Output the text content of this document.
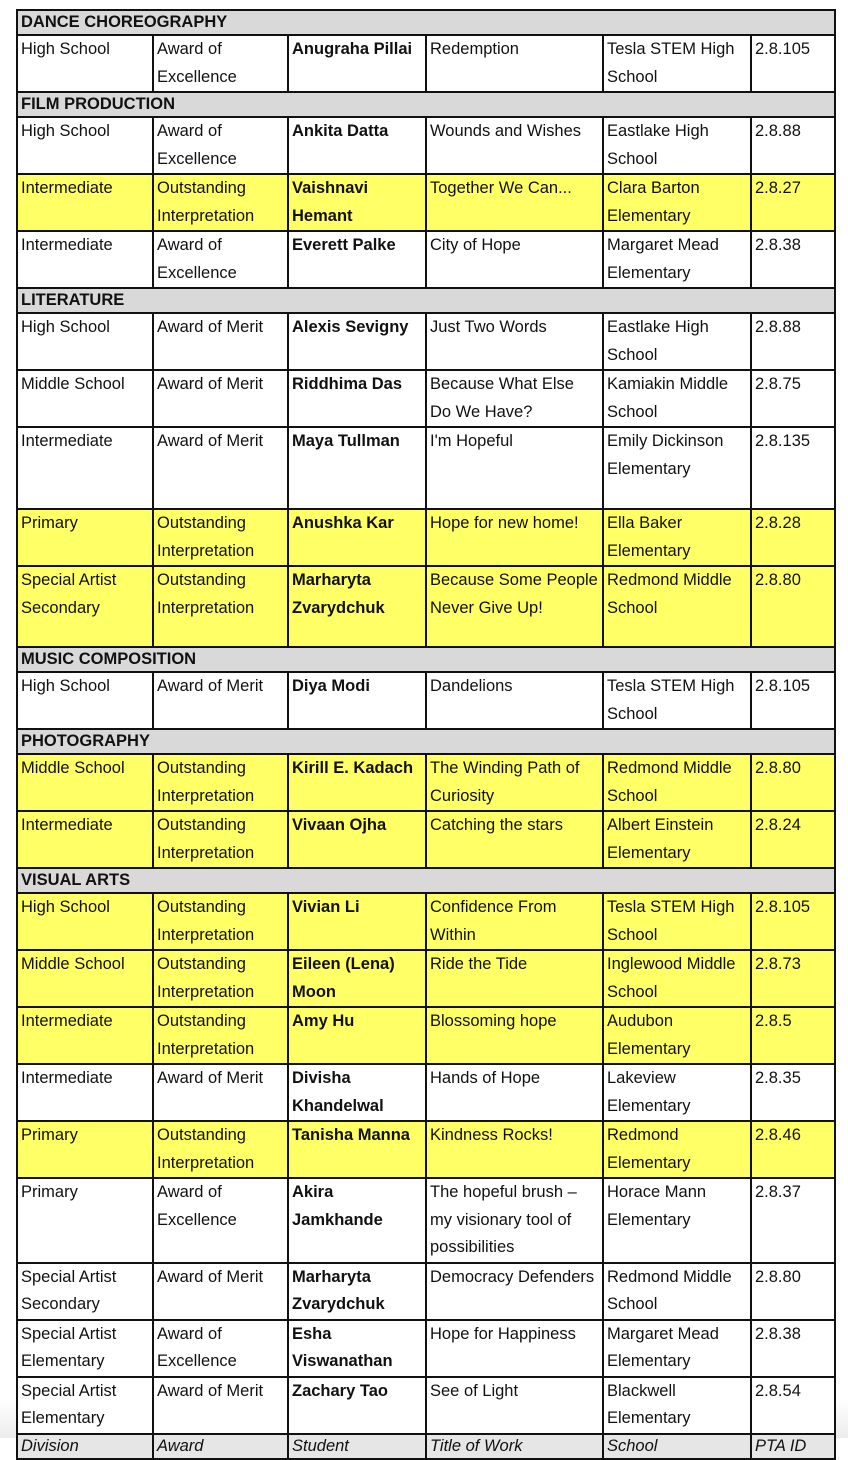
DANCE CHOREOGRAPHY					
High School	Award of Excellence	Anugraha Pillai	Redemption	Tesla STEM High School	2.8.105
FILM PRODUCTION					
High School	Award of Excellence	Ankita Datta	Wounds and Wishes	Eastlake High School	2.8.88
Intermediate	Outstanding Interpretation	Vaishnavi Hemant	Together We Can...	Clara Barton Elementary	2.8.27
Intermediate	Award of Excellence	Everett Palke	City of Hope	Margaret Mead Elementary	2.8.38
LITERATURE					
High School	Award of Merit	Alexis Sevigny	Just Two Words	Eastlake High School	2.8.88
Middle School	Award of Merit	Riddhima Das	Because What Else Do We Have?	Kamiakin Middle School	2.8.75
Intermediate	Award of Merit	Maya Tullman	I'm Hopeful	Emily Dickinson Elementary	2.8.135
Primary	Outstanding Interpretation	Anushka Kar	Hope for new home!	Ella Baker Elementary	2.8.28
Special Artist Secondary	Outstanding Interpretation	Marharyta Zvarydchuk	Because Some People Never Give Up!	Redmond Middle School	2.8.80
MUSIC COMPOSITION					
High School	Award of Merit	Diya Modi	Dandelions	Tesla STEM High School	2.8.105
PHOTOGRAPHY					
Middle School	Outstanding Interpretation	Kirill E. Kadach	The Winding Path of Curiosity	Redmond Middle School	2.8.80
Intermediate	Outstanding Interpretation	Vivaan Ojha	Catching the stars	Albert Einstein Elementary	2.8.24
VISUAL ARTS					
High School	Outstanding Interpretation	Vivian Li	Confidence From Within	Tesla STEM High School	2.8.105
Middle School	Outstanding Interpretation	Eileen (Lena) Moon	Ride the Tide	Inglewood Middle School	2.8.73
Intermediate	Outstanding Interpretation	Amy Hu	Blossoming hope	Audubon Elementary	2.8.5
Intermediate	Award of Merit	Divisha Khandelwal	Hands of Hope	Lakeview Elementary	2.8.35
Primary	Outstanding Interpretation	Tanisha Manna	Kindness Rocks!	Redmond Elementary	2.8.46
Primary	Award of Excellence	Akira Jamkhande	The hopeful brush – my visionary tool of possibilities	Horace Mann Elementary	2.8.37
Special Artist Secondary	Award of Merit	Marharyta Zvarydchuk	Democracy Defenders	Redmond Middle School	2.8.80
Special Artist Elementary	Award of Excellence	Esha Viswanathan	Hope for Happiness	Margaret Mead Elementary	2.8.38
Special Artist Elementary	Award of Merit	Zachary Tao	See of Light	Blackwell Elementary	2.8.54
Division	Award	Student	Title of Work	School	PTA ID
